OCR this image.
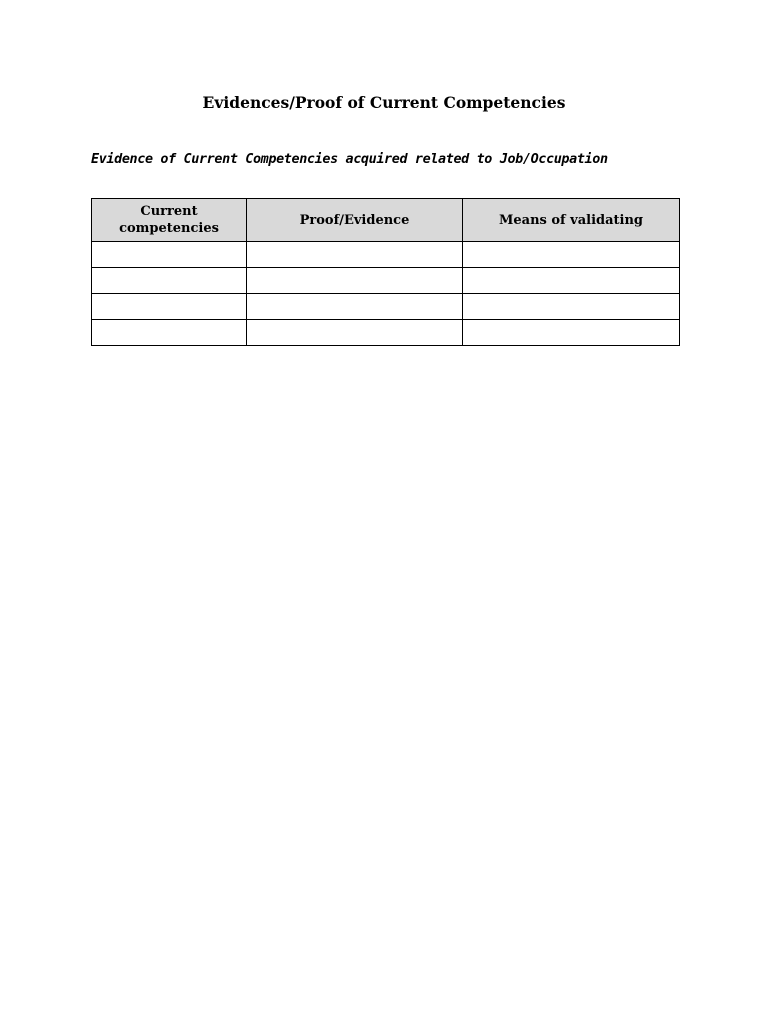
Evidences/Proof of Current Competencies

Evidence of Current Competencies acquired related to Job/Occupation

Current competencies	Proof/Evidence	Means of validating
